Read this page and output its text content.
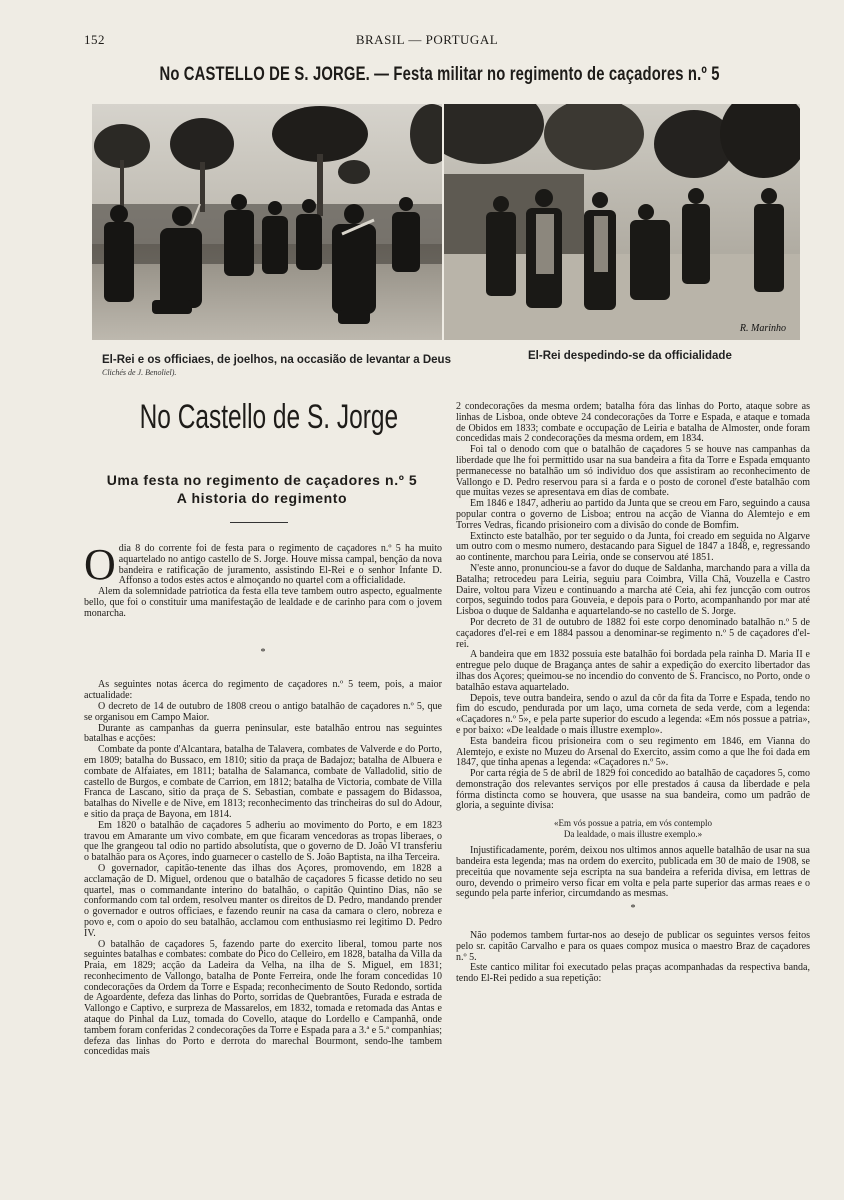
152	BRASIL — PORTUGAL
No CASTELLO DE S. JORGE. — Festa militar no regimento de caçadores n.º 5
R. Marinho
El-Rei e os officiaes, de joelhos, na occasião de levantar a Deus
Clichés de J. Benoliel).
El-Rei despedindo-se da officialidade
No Castello de S. Jorge
Uma festa no regimento de caçadores n.º 5
A historia do regimento

Odia 8 do corrente foi de festa para o regimento de caçadores n.º 5 ha muito aquartelado no antigo castello de S. Jorge. Houve missa campal, benção da nova bandeira e ratificação de juramento, assistindo El-Rei e o senhor Infante D. Affonso a todos estes actos e almoçando no quartel com a officialidade.

Alem da solemnidade patriotica da festa ella teve tambem outro aspecto, egualmente bello, que foi o constituir uma manifestação de lealdade e de carinho para com o jovem monarcha.

*

As seguintes notas ácerca do regimento de caçadores n.º 5 teem, pois, a maior actualidade:

O decreto de 14 de outubro de 1808 creou o antigo batalhão de caçadores n.º 5, que se organisou em Campo Maior.

Durante as campanhas da guerra peninsular, este batalhão entrou nas seguintes batalhas e acções:

Combate da ponte d'Alcantara, batalha de Talavera, combates de Valverde e do Porto, em 1809; batalha do Bussaco, em 1810; sitio da praça de Badajoz; batalha de Albuera e combate de Alfaiates, em 1811; batalha de Salamanca, combate de Valladolid, sitio de castello de Burgos, e combate de Carrion, em 1812; batalha de Victoria, combate de Villa Franca de Lascano, sitio da praça de S. Sebastian, combate e passagem do Bidassoa, batalhas do Nivelle e de Nive, em 1813; reconhecimento das trincheiras do sul do Adour, e sitio da praça de Bayona, em 1814.

Em 1820 o batalhão de caçadores 5 adheriu ao movimento do Porto, e em 1823 travou em Amarante um vivo combate, em que ficaram vencedoras as tropas liberaes, o que lhe grangeou tal odio no partido absolutista, que o governo de D. João VI transferiu o batalhão para os Açores, indo guarnecer o castello de S. João Baptista, na ilha Terceira.

O governador, capitão-tenente das ilhas dos Açores, promovendo, em 1828 a acclamação de D. Miguel, ordenou que o batalhão de caçadores 5 ficasse detido no seu quartel, mas o commandante interino do batalhão, o capitão Quintino Dias, não se conformando com tal ordem, resolveu manter os direitos de D. Pedro, mandando prender o governador e outros officiaes, e fazendo reunir na casa da camara o clero, nobreza e povo e, com o apoio do seu batalhão, acclamou com enthusiasmo rei legitimo D. Pedro IV.

O batalhão de caçadores 5, fazendo parte do exercito liberal, tomou parte nos seguintes batalhas e combates: combate do Pico do Celleiro, em 1828, batalha da Villa da Praia, em 1829; acção da Ladeira da Velha, na ilha de S. Miguel, em 1831; reconhecimento de Vallongo, batalha de Ponte Ferreira, onde lhe foram concedidas 10 condecorações da Ordem da Torre e Espada; reconhecimento de Souto Redondo, sortida de Agoardente, defeza das linhas do Porto, sorridas de Quebrantões, Furada e estrada de Vallongo e Captivo, e surpreza de Massarelos, em 1832, tomada e retomada das Antas e ataque do Pinhal da Luz, tomada do Covello, ataque do Lordello e Campanhã, onde tambem foram conferidas 2 condecorações da Torre e Espada para a 3.ª e 5.ª companhias; defeza das linhas do Porto e derrota do marechal Bourmont, sendo-lhe tambem concedidas mais

2 condecorações da mesma ordem; batalha fóra das linhas do Porto, ataque sobre as linhas de Lisboa, onde obteve 24 condecorações da Torre e Espada, e ataque e tomada de Obidos em 1833; combate e occupação de Leiria e batalha de Almoster, onde foram concedidas mais 2 condecorações da mesma ordem, em 1834.

Foi tal o denodo com que o batalhão de caçadores 5 se houve nas campanhas da liberdade que lhe foi permittido usar na sua bandeira a fita da Torre e Espada emquanto permanecesse no batalhão um só individuo dos que assistiram ao reconhecimento de Vallongo e D. Pedro reservou para si a farda e o posto de coronel d'este batalhão com que muitas vezes se apresentava em dias de combate.

Em 1846 e 1847, adheriu ao partido da Junta que se creou em Faro, seguindo a causa popular contra o governo de Lisboa; entrou na acção de Vianna do Alemtejo e em Torres Vedras, ficando prisioneiro com a divisão do conde de Bomfim.

Extincto este batalhão, por ter seguido o da Junta, foi creado em seguida no Algarve um outro com o mesmo numero, destacando para Siguel de 1847 a 1848, e, regressando ao continente, marchou para Leiria, onde se conservou até 1851.

N'este anno, pronunciou-se a favor do duque de Saldanha, marchando para a villa da Batalha; retrocedeu para Leiria, seguiu para Coimbra, Villa Chã, Vouzella e Castro Daire, voltou para Vizeu e continuando a marcha até Ceia, ahi fez juncção com outros corpos, seguindo todos para Gouveia, e depois para o Porto, acompanhando por mar até Lisboa o duque de Saldanha e aquartelando-se no castello de S. Jorge.

Por decreto de 31 de outubro de 1882 foi este corpo denominado batalhão n.º 5 de caçadores d'el-rei e em 1884 passou a denominar-se regimento n.º 5 de caçadores d'el-rei.

A bandeira que em 1832 possuia este batalhão foi bordada pela rainha D. Maria II e entregue pelo duque de Bragança antes de sahir a expedição do exercito libertador das ilhas dos Açores; queimou-se no incendio do convento de S. Francisco, no Porto, onde o batalhão estava aquartelado.

Depois, teve outra bandeira, sendo o azul da côr da fita da Torre e Espada, tendo no fim do escudo, pendurada por um laço, uma corneta de seda verde, com a legenda: «Caçadores n.º 5», e pela parte superior do escudo a legenda: «Em nós possue a patria», e por baixo: «De lealdade o mais illustre exemplo».

Esta bandeira ficou prisioneira com o seu regimento em 1846, em Vianna do Alemtejo, e existe no Muzeu do Arsenal do Exercito, assim como a que lhe foi dada em 1847, que tinha apenas a legenda: «Caçadores n.º 5».

Por carta régia de 5 de abril de 1829 foi concedido ao batalhão de caçadores 5, como demonstração dos relevantes serviços por elle prestados á causa da liberdade e pela fórma distincta como se houvera, que usasse na sua bandeira, como um padrão de gloria, a seguinte divisa:

«Em vós possue a patria, em vós contemplo
Da lealdade, o mais illustre exemplo.»

Injustificadamente, porém, deixou nos ultimos annos aquelle batalhão de usar na sua bandeira esta legenda; mas na ordem do exercito, publicada em 30 de maio de 1908, se preceitúa que novamente seja escripta na sua bandeira a referida divisa, em lettras de ouro, devendo o primeiro verso ficar em volta e pela parte superior das armas reaes e o segundo pela parte inferior, circumdando as mesmas.

*

Não podemos tambem furtar-nos ao desejo de publicar os seguintes versos feitos pelo sr. capitão Carvalho e para os quaes compoz musica o maestro Braz de caçadores n.º 5.

Este cantico militar foi executado pelas praças acompanhadas da respectiva banda, tendo El-Rei pedido a sua repetição:
